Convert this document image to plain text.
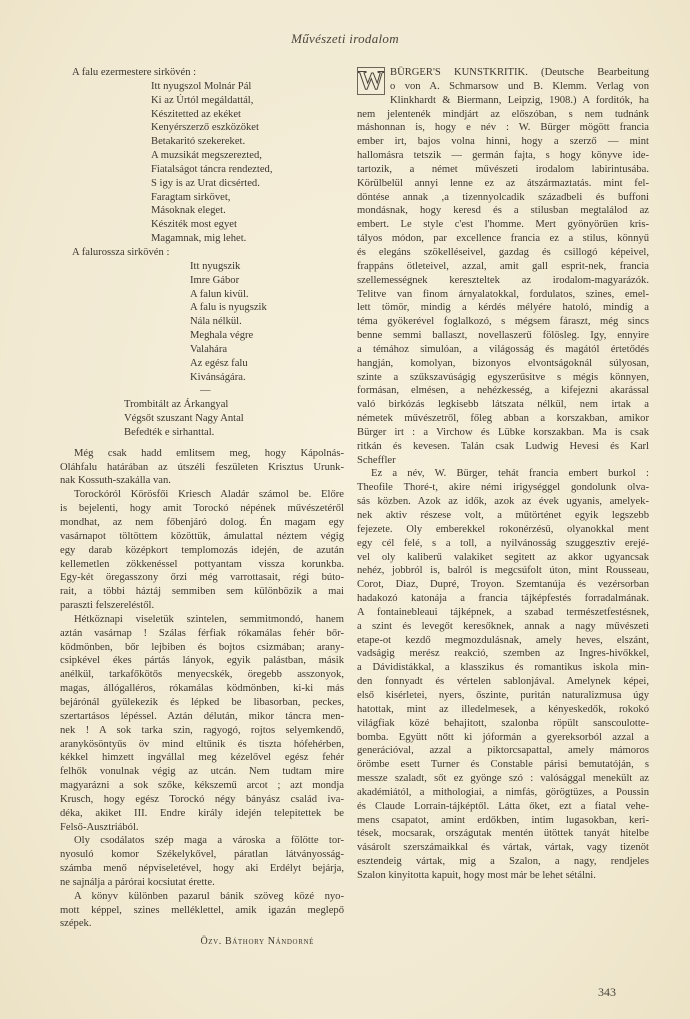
Művészeti irodalom
A falu ezermestere sirkövén :
Itt nyugszol Molnár Pál
Ki az Úrtól megáldattál,
Készitetted az ekéket
Kenyérszerző eszközöket
Betakaritó szekereket.
A muzsikát megszerezted,
Fiatalságot táncra rendezted,
S igy is az Urat dicsérted.
Faragtam sirkövet,
Másoknak eleget.
Késziték most egyet
Magamnak, mig lehet.
A falurossza sirkövén :
Itt nyugszik
Imre Gábor
A falun kivül.
A falu is nyugszik
Nála nélkül.
Meghala végre
Valahára
Az egész falu
Kivánságára.
—
Trombitált az Árkangyal
Végsőt szuszant Nagy Antal
Befedték e sirhanttal.
Még csak hadd emlitsem meg, hogy Kápolnás-
Oláhfalu határában az útszéli feszületen Krisztus Urunk-
nak Kossuth-szakálla van.
Torockóról Körösfői Kriesch Aladár számol be. Előre
is bejelenti, hogy amit Torockó népének művészetéről
mondhat, az nem főbenjáró dolog. Én magam egy
vasárnapot töltöttem közöttük, ámulattal néztem végig
egy darab középkort templomozás idején, de azután
kellemetlen zökkenéssel pottyantam vissza korunkba.
Egy-két öregasszony őrzi még varrottasait, régi búto-
rait, a többi háztáj semmiben sem különbözik a mai
paraszti felszereléstől.
Hétköznapi viseletük szintelen, semmitmondó, hanem
aztán vasárnap ! Szálas férfiak rókamálas fehér bőr-
ködmönben, bőr lejbiben és bojtos csizmában; arany-
csipkével ékes pártás lányok, egyik palástban, másik
anélkül, tarkafőkötős menyecskék, öregebb asszonyok,
magas, állógalléros, rókamálas ködmönben, ki-ki más
bejárónál gyülekezik és lépked be libasorban, peckes,
szertartásos lépéssel. Aztán délután, mikor táncra men-
nek ! A sok tarka szin, ragyogó, rojtos selyemkendő,
aranykösöntyűs öv mind eltűnik és tiszta hófehérben,
kékkel himzett ingvállal meg kézelővel egész fehér
felhők vonulnak végig az utcán. Nem tudtam mire
magyarázni a sok szőke, kékszemű arcot ; azt mondja
Krusch, hogy egész Torockó négy bányász család iva-
déka, akiket III. Endre király idején telepitettek be
Felső-Ausztriából.
Oly csodálatos szép maga a városka a fölötte tor-
nyosuló komor Székelykővel, páratlan látványosság-
számba menő népviseletével, hogy aki Erdélyt bejárja,
ne sajnálja a párórai kocsiutat érette.
A könyv különben pazarul bánik szöveg közé nyo-
mott képpel, szines melléklettel, amik igazán meglepő
szépek.
Özv. Báthory Nándorné
W BÜRGER'S KUNSTKRITIK. (Deutsche Bearbeitung
o von A. Schmarsow und B. Klemm. Verlag von
Klinkhardt & Biermann, Leipzig, 1908.) A forditók, ha
nem jelentenék mindjárt az előszóban, s nem tudnánk
máshonnan is, hogy e név : W. Bürger mögött francia
ember irt, bajos volna hinni, hogy a szerző — mint
hallomásra tetszik — germán fajta, s hogy könyve ide-
tartozik, a német művészeti irodalom labirintusába.
Körülbelül annyi lenne ez az átszármaztatás. mint fel-
döntése annak ,a tizennyolcadik századbeli és buffoni
mondásnak, hogy keresd és a stilusban megtalálod az
embert. Le style c'est l'homme. Mert gyönyörűen kris-
tályos módon, par excellence francia ez a stilus, könnyű
és elegáns szökelléseivel, gazdag és csillogó képeivel,
frappáns ötleteivel, azzal, amit gall esprit-nek, francia
szellemességnek kereszteltek az irodalom-magyarázók.
Telitve van finom árnyalatokkal, fordulatos, szines, emel-
lett tömör, mindig a kérdés mélyére hatoló, mindig a
téma gyökerével foglalkozó, s mégsem fáraszt, még sincs
benne semmi ballaszt, novellaszerű fölösleg. Igy, ennyire
a témához simulóan, a világosság és magától értetődés
hangján, komolyan, bizonyos elvontságoknál súlyosan,
szinte a szűkszavúságig egyszerűsitve s mégis könnyen,
formásan, elmésen, a nehézkesség, a kifejezni akarással
való birkózás legkisebb látszata nélkül, nem irtak a
németek művészetről, főleg abban a korszakban, amikor
Bürger irt : a Virchow és Lübke korszakban. Ma is csak
ritkán és kevesen. Talán csak Ludwig Hevesi és Karl
Scheffler
Ez a név, W. Bürger, tehát francia embert burkol :
Theofile Thoré-t, akire némi irigységgel gondolunk olva-
sás közben. Azok az idők, azok az évek ugyanis, amelyek-
nek aktiv részese volt, a műtörténet egyik legszebb
fejezete. Oly emberekkel rokonérzésű, olyanokkal ment
egy cél felé, s a toll, a nyilvánosság szuggesztiv erejé-
vel oly kaliberű valakiket segitett az akkor ugyancsak
nehéz, jobbról is, balról is megcsúfolt úton, mint Rousseau,
Corot, Diaz, Dupré, Troyon. Szemtanúja és vezérsorban
hadakozó katonája a francia tájképfestés forradalmának.
A fontainebleaui tájképnek, a szabad természetfestésnek,
a szint és levegőt keresőknek, annak a nagy művészeti
etape-ot kezdő megmozdulásnak, amely heves, elszánt,
vadságig merész reakció, szemben az Ingres-hivőkkel,
a Dávidistákkal, a klasszikus és romantikus iskola min-
den fonnyadt és vértelen sablonjával. Amelynek képei,
első kisérletei, nyers, őszinte, puritán naturalizmusa úgy
hatottak, mint az illedelmesek, a kényeskedők, rokokó
világfiak közé behajitott, szalonba röpült sanscoulotte-
bomba. Együtt nőtt ki jóformán a gyereksorból azzal a
generációval, azzal a piktorcsapattal, amely mámoros
örömbe esett Turner és Constable párisi bemutatóján, s
messze szaladt, sőt ez gyönge szó : valósággal menekült az
akadémiától, a mithologiai, a nimfás, görögtüzes, a Poussin
és Claude Lorrain-tájképtől. Látta őket, ezt a fiatal vehe-
mens csapatot, amint erdőkben, intim lugasokban, keri-
tések, mocsarak, országutak mentén ütöttek tanyát hitelbe
vásárolt szerszámaikkal és vártak, vártak, vagy tizenöt
esztendeig vártak, mig a Szalon, a nagy, rendjeles
Szalon kinyitotta kapuit, hogy most már be lehet sétálni.
343
